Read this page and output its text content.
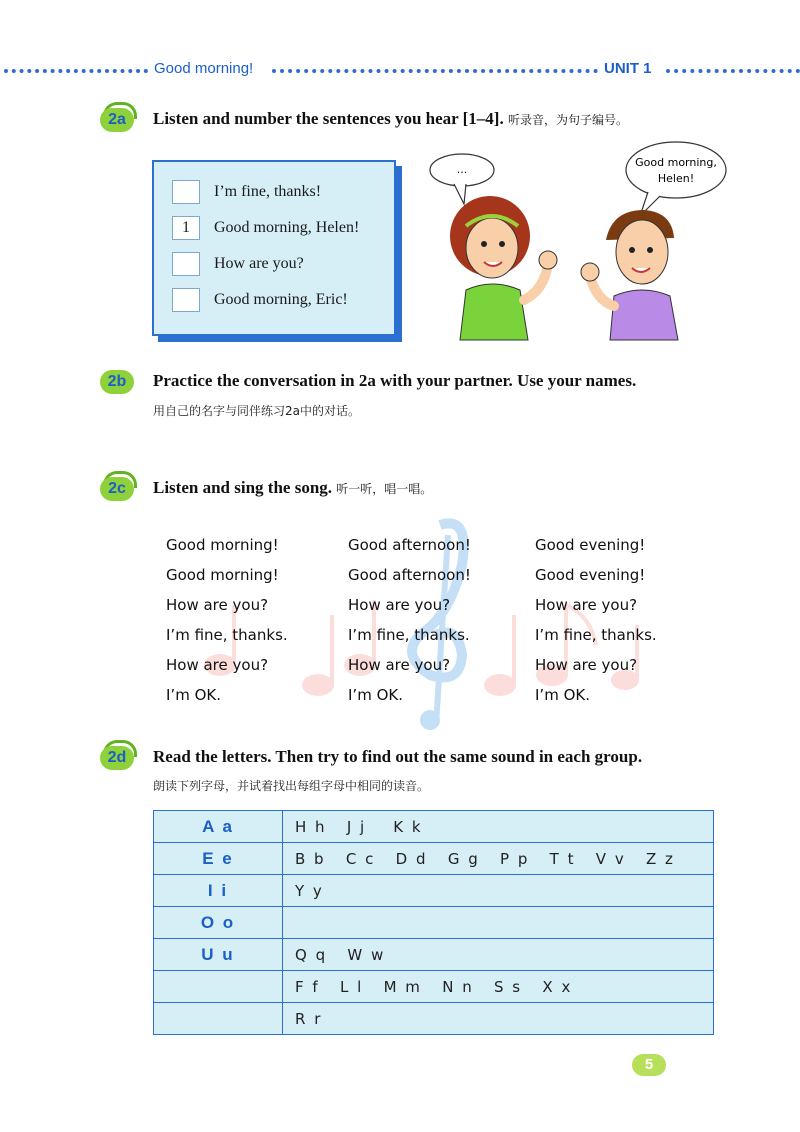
Good morning!	UNIT 1
2a	Listen and number the sentences you hear [1–4]. 听录音，为句子编号。
I’m fine, thanks!
1	Good morning, Helen!
How are you?
Good morning, Eric!
...
Good morning,
Helen!
2b	Practice the conversation in 2a with your partner. Use your names.
用自己的名字与同伴练习2a中的对话。
2c	Listen and sing the song. 听一听，唱一唱。
Good morning!
Good morning!
How are you?
I’m fine, thanks.
How are you?
I’m OK.
Good afternoon!
Good afternoon!
How are you?
I’m fine, thanks.
How are you?
I’m OK.
Good evening!
Good evening!
How are you?
I’m fine, thanks.
How are you?
I’m OK.
2d	Read the letters. Then try to find out the same sound in each group.
朗读下列字母，并试着找出每组字母中相同的读音。
A a	H h   J j    K k
E e	B b   C c   D d   G g   P p   T t   V v   Z z
I i	Y y
O o	
U u	Q q   W w
	F f   L l   M m   N n   S s   X x
	R r
5
